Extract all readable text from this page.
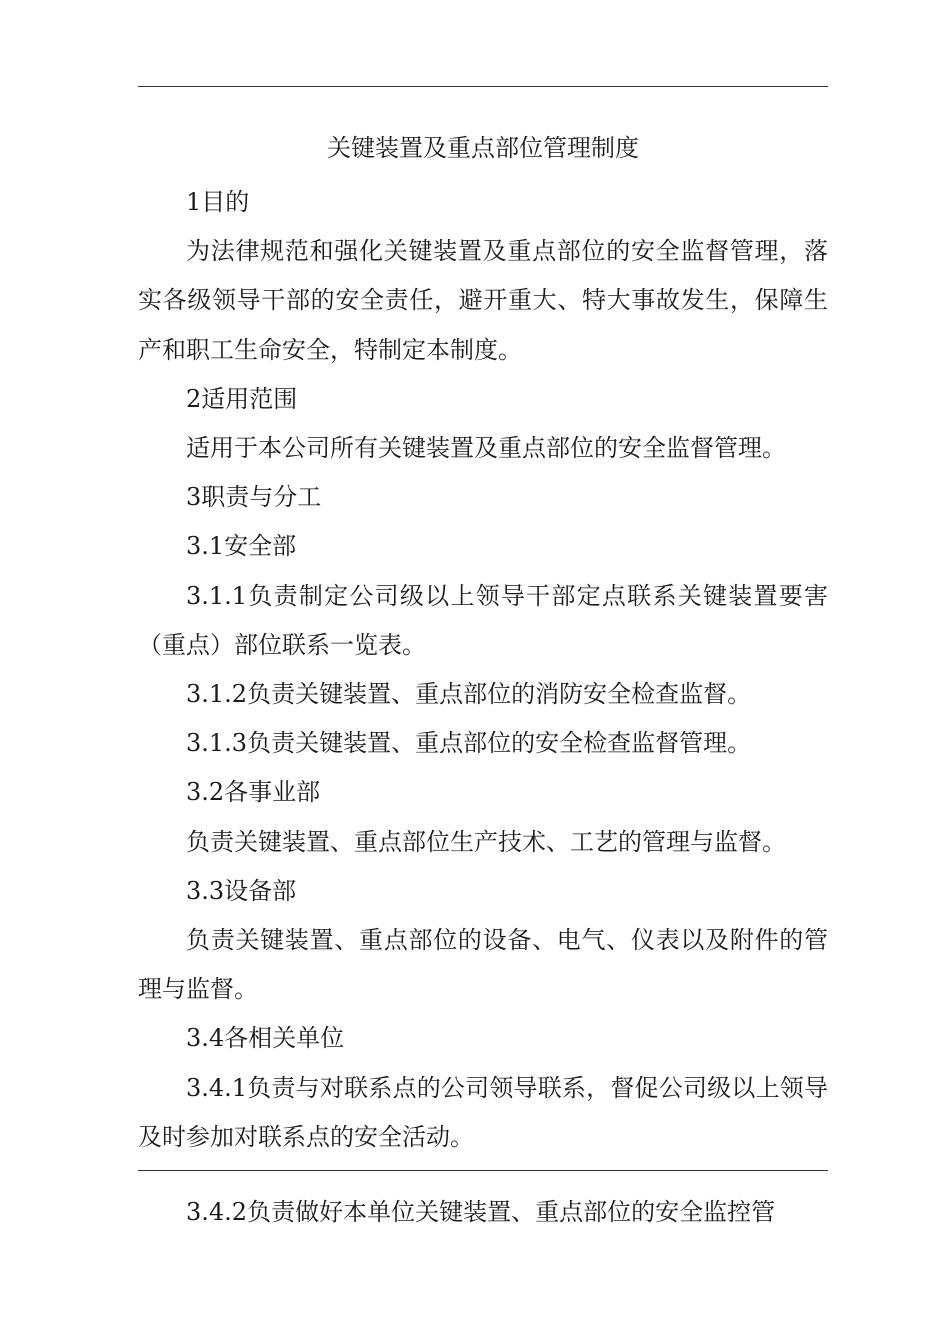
关键装置及重点部位管理制度

1目的

为法律规范和强化关键装置及重点部位的安全监督管理，落实各级领导干部的安全责任，避开重大、特大事故发生，保障生产和职工生命安全，特制定本制度。

2适用范围

适用于本公司所有关键装置及重点部位的安全监督管理。

3职责与分工

3.1安全部

3.1.1负责制定公司级以上领导干部定点联系关键装置要害（重点）部位联系一览表。

3.1.2负责关键装置、重点部位的消防安全检查监督。

3.1.3负责关键装置、重点部位的安全检查监督管理。

3.2各事业部

负责关键装置、重点部位生产技术、工艺的管理与监督。

3.3设备部

负责关键装置、重点部位的设备、电气、仪表以及附件的管理与监督。

3.4各相关单位

3.4.1负责与对联系点的公司领导联系，督促公司级以上领导及时参加对联系点的安全活动。

3.4.2负责做好本单位关键装置、重点部位的安全监控管
